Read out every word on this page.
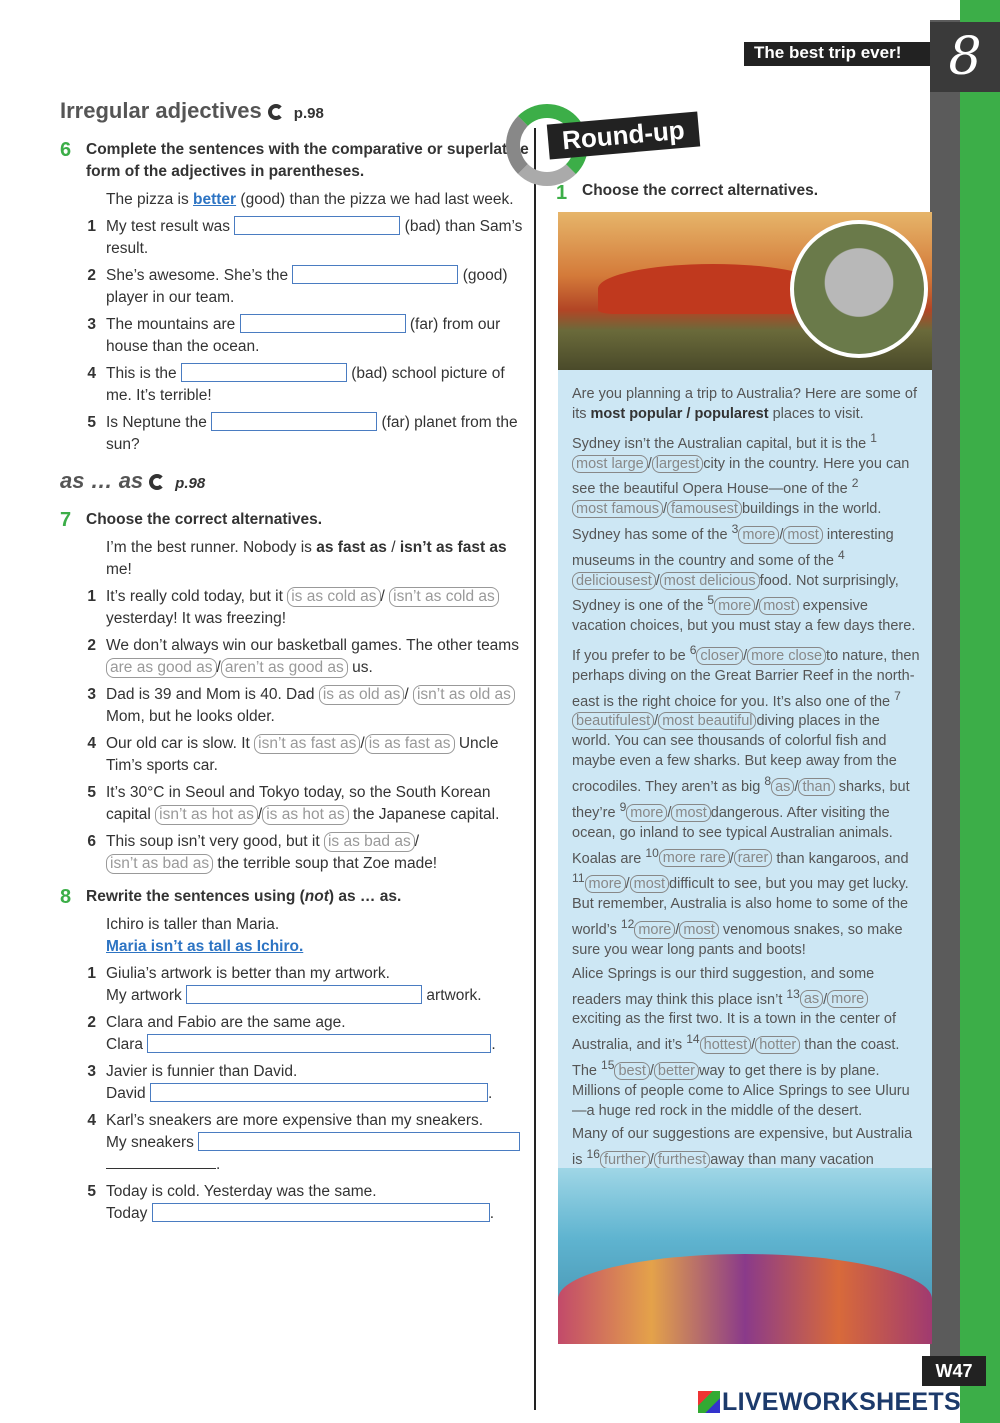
The best trip ever! 8
Irregular adjectives p.98
6 Complete the sentences with the comparative or superlative form of the adjectives in parentheses.
The pizza is better (good) than the pizza we had last week.
1 My test result was	(bad) than Sam’s result.
2 She’s awesome. She’s the	(good) player in our team.
3 The mountains are	(far) from our house than the ocean.
4 This is the	(bad) school picture of me. It’s terrible!
5 Is Neptune the	(far) planet from the sun?
as … as p.98
7 Choose the correct alternatives.
I’m the best runner. Nobody is as fast as / isn’t as fast as me!
1 It’s really cold today, but it is as cold as / isn’t as cold as yesterday! It was freezing!
2 We don’t always win our basketball games. The other teams are as good as / aren’t as good as us.
3 Dad is 39 and Mom is 40. Dad is as old as / isn’t as old as Mom, but he looks older.
4 Our old car is slow. It isn’t as fast as / is as fast as Uncle Tim’s sports car.
5 It’s 30°C in Seoul and Tokyo today, so the South Korean capital isn’t as hot as / is as hot as the Japanese capital.
6 This soup isn’t very good, but it is as bad as / isn’t as bad as the terrible soup that Zoe made!
8 Rewrite the sentences using (not) as … as.
Ichiro is taller than Maria.
Maria isn’t as tall as Ichiro.
1 Giulia’s artwork is better than my artwork.
My artwork	artwork.
2 Clara and Fabio are the same age.
Clara	.
3 Javier is funnier than David.
David	.
4 Karl’s sneakers are more expensive than my sneakers.
My sneakers
.
5 Today is cold. Yesterday was the same.
Today	.
Round-up
1 Choose the correct alternatives.

Are you planning a trip to Australia? Here are some of its most popular / popularest places to visit.

Sydney isn’t the Australian capital, but it is the $^1$most large / largest city in the country. Here you can see the beautiful Opera House—one of the $^2$most famous / famousest buildings in the world. Sydney has some of the $^3$ more / most interesting museums in the country and some of the $^4$deliciousest / most delicious food. Not surprisingly, Sydney is one of the $^5$ more / most expensive vacation choices, but you must stay a few days there.

If you prefer to be $^6$ closer / more close to nature, then perhaps diving on the Great Barrier Reef in the north-east is the right choice for you. It’s also one of the $^7$beautifulest / most beautiful diving places in the world. You can see thousands of colorful fish and maybe even a few sharks. But keep away from the crocodiles. They aren’t as big $^8$ as / than sharks, but they’re $^9$ more / most dangerous. After visiting the ocean, go inland to see typical Australian animals. Koalas are $^{10}$ more rare / rarer than kangaroos, and $^{11}$ more / most difficult to see, but you may get lucky. But remember, Australia is also home to some of the world’s $^{12}$ more / most venomous snakes, so make sure you wear long pants and boots!

Alice Springs is our third suggestion, and some readers may think this place isn’t $^{13}$ as / more exciting as the first two. It is a town in the center of Australia, and it’s $^{14}$ hottest / hotter than the coast. The $^{15}$ best / better way to get there is by plane. Millions of people come to Alice Springs to see Uluru—a huge red rock in the middle of the desert.

Many of our suggestions are expensive, but Australia is $^{16}$ further / furthest away than many vacation

W47
LIVEWORKSHEETS
